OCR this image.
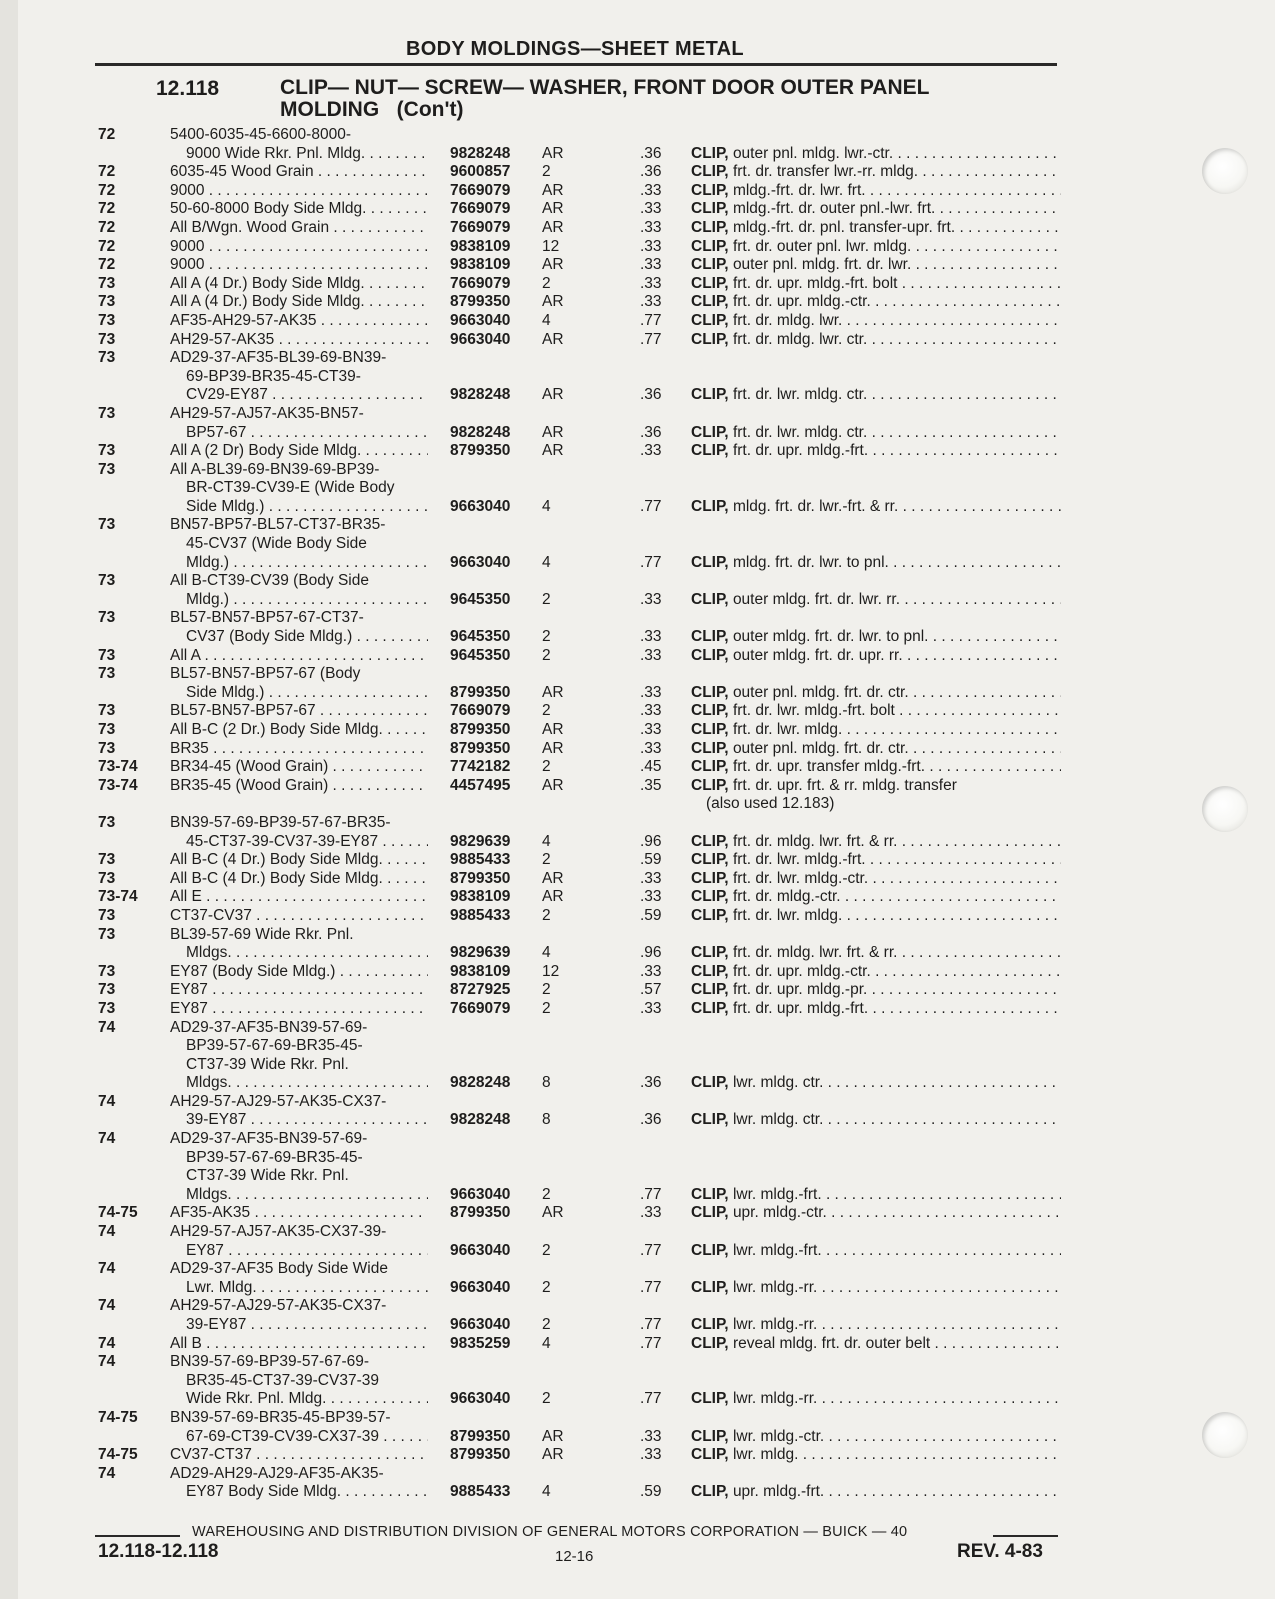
BODY MOLDINGS—SHEET METAL
12.118	CLIP— NUT— SCREW— WASHER, FRONT DOOR OUTER PANEL
MOLDING   (Con't)
72	5400-6035-45-6600-8000-
9000 Wide Rkr. Pnl. Mldg. . . .	9828248 AR	.36 CLIP, outer pnl. mldg. lwr.-ctr. . . .
72	6035-45 Wood Grain . . .	9600857 2	.36 CLIP, frt. dr. transfer lwr.-rr. mldg. . . .
72	9000 . . .	7669079 AR	.33 CLIP, mldg.-frt. dr. lwr. frt. . . .
72	50-60-8000 Body Side Mldg. . . .	7669079 AR	.33 CLIP, mldg.-frt. dr. outer pnl.-lwr. frt. . . .
72	All B/Wgn. Wood Grain . . .	7669079 AR	.33 CLIP, mldg.-frt. dr. pnl. transfer-upr. frt. . . .
72	9000 . . .	9838109 12	.33 CLIP, frt. dr. outer pnl. lwr. mldg. . . .
72	9000 . . .	9838109 AR	.33 CLIP, outer pnl. mldg. frt. dr. lwr. . . .
73	All A (4 Dr.) Body Side Mldg. . . .	7669079 2	.33 CLIP, frt. dr. upr. mldg.-frt. bolt . . .
73	All A (4 Dr.) Body Side Mldg. . . .	8799350 AR	.33 CLIP, frt. dr. upr. mldg.-ctr. . . .
73	AF35-AH29-57-AK35 . . .	9663040 4	.77 CLIP, frt. dr. mldg. lwr. . . .
73	AH29-57-AK35 . . .	9663040 AR	.77 CLIP, frt. dr. mldg. lwr. ctr. . . .
73	AD29-37-AF35-BL39-69-BN39-
69-BP39-BR35-45-CT39-
CV29-EY87 . . .	9828248 AR	.36 CLIP, frt. dr. lwr. mldg. ctr. . . .
73	AH29-57-AJ57-AK35-BN57-
BP57-67 . . .	9828248 AR	.36 CLIP, frt. dr. lwr. mldg. ctr. . . .
73	All A (2 Dr) Body Side Mldg. . . .	8799350 AR	.33 CLIP, frt. dr. upr. mldg.-frt. . . .
73	All A-BL39-69-BN39-69-BP39-
BR-CT39-CV39-E (Wide Body
Side Mldg.) . . .	9663040 4	.77 CLIP, mldg. frt. dr. lwr.-frt. & rr. . . .
73	BN57-BP57-BL57-CT37-BR35-
45-CV37 (Wide Body Side
Mldg.) . . .	9663040 4	.77 CLIP, mldg. frt. dr. lwr. to pnl. . . .
73	All B-CT39-CV39 (Body Side
Mldg.) . . .	9645350 2	.33 CLIP, outer mldg. frt. dr. lwr. rr. . . .
73	BL57-BN57-BP57-67-CT37-
CV37 (Body Side Mldg.) . . .	9645350 2	.33 CLIP, outer mldg. frt. dr. lwr. to pnl. . . .
73	All A . . .	9645350 2	.33 CLIP, outer mldg. frt. dr. upr. rr. . . .
73	BL57-BN57-BP57-67 (Body
Side Mldg.) . . .	8799350 AR	.33 CLIP, outer pnl. mldg. frt. dr. ctr. . . .
73	BL57-BN57-BP57-67 . . .	7669079 2	.33 CLIP, frt. dr. lwr. mldg.-frt. bolt . . .
73	All B-C (2 Dr.) Body Side Mldg. . . .	8799350 AR	.33 CLIP, frt. dr. lwr. mldg. . . .
73	BR35 . . .	8799350 AR	.33 CLIP, outer pnl. mldg. frt. dr. ctr. . . .
73-74 BR34-45 (Wood Grain) . . .	7742182 2	.45 CLIP, frt. dr. upr. transfer mldg.-frt. . . .
73-74 BR35-45 (Wood Grain) . . .	4457495 AR	.35 CLIP, frt. dr. upr. frt. & rr. mldg. transfer
(also used 12.183)
73	BN39-57-69-BP39-57-67-BR35-
45-CT37-39-CV37-39-EY87 . . .	9829639 4	.96 CLIP, frt. dr. mldg. lwr. frt. & rr. . . .
73	All B-C (4 Dr.) Body Side Mldg. . . .	9885433 2	.59 CLIP, frt. dr. lwr. mldg.-frt. . . .
73	All B-C (4 Dr.) Body Side Mldg. . . .	8799350 AR	.33 CLIP, frt. dr. lwr. mldg.-ctr. . . .
73-74 All E . . .	9838109 AR	.33 CLIP, frt. dr. mldg.-ctr. . . .
73	CT37-CV37 . . .	9885433 2	.59 CLIP, frt. dr. lwr. mldg. . . .
73	BL39-57-69 Wide Rkr. Pnl.
Mldgs. . . .	9829639 4	.96 CLIP, frt. dr. mldg. lwr. frt. & rr. . . .
73	EY87 (Body Side Mldg.) . . .	9838109 12	.33 CLIP, frt. dr. upr. mldg.-ctr. . . .
73	EY87 . . .	8727925 2	.57 CLIP, frt. dr. upr. mldg.-pr. . . .
73	EY87 . . .	7669079 2	.33 CLIP, frt. dr. upr. mldg.-frt. . . .
74	AD29-37-AF35-BN39-57-69-
BP39-57-67-69-BR35-45-
CT37-39 Wide Rkr. Pnl.
Mldgs. . . .	9828248 8	.36 CLIP, lwr. mldg. ctr. . . .
74	AH29-57-AJ29-57-AK35-CX37-
39-EY87 . . .	9828248 8	.36 CLIP, lwr. mldg. ctr. . . .
74	AD29-37-AF35-BN39-57-69-
BP39-57-67-69-BR35-45-
CT37-39 Wide Rkr. Pnl.
Mldgs. . . .	9663040 2	.77 CLIP, lwr. mldg.-frt. . . .
74-75 AF35-AK35 . . .	8799350 AR	.33 CLIP, upr. mldg.-ctr. . . .
74	AH29-57-AJ57-AK35-CX37-39-
EY87 . . .	9663040 2	.77 CLIP, lwr. mldg.-frt. . . .
74	AD29-37-AF35 Body Side Wide
Lwr. Mldg. . . .	9663040 2	.77 CLIP, lwr. mldg.-rr. . . .
74	AH29-57-AJ29-57-AK35-CX37-
39-EY87 . . .	9663040 2	.77 CLIP, lwr. mldg.-rr. . . .
74	All B . . .	9835259 4	.77 CLIP, reveal mldg. frt. dr. outer belt . . .
74	BN39-57-69-BP39-57-67-69-
BR35-45-CT37-39-CV37-39
Wide Rkr. Pnl. Mldg. . . .	9663040 2	.77 CLIP, lwr. mldg.-rr. . . .
74-75 BN39-57-69-BR35-45-BP39-57-
67-69-CT39-CV39-CX37-39 . . .	8799350 AR	.33 CLIP, lwr. mldg.-ctr. . . .
74-75 CV37-CT37 . . .	8799350 AR	.33 CLIP, lwr. mldg. . . .
74	AD29-AH29-AJ29-AF35-AK35-
EY87 Body Side Mldg. . . .	9885433 4	.59 CLIP, upr. mldg.-frt. . . .
WAREHOUSING AND DISTRIBUTION DIVISION OF GENERAL MOTORS CORPORATION — BUICK — 40
12.118-12.118	12-16	REV. 4-83
